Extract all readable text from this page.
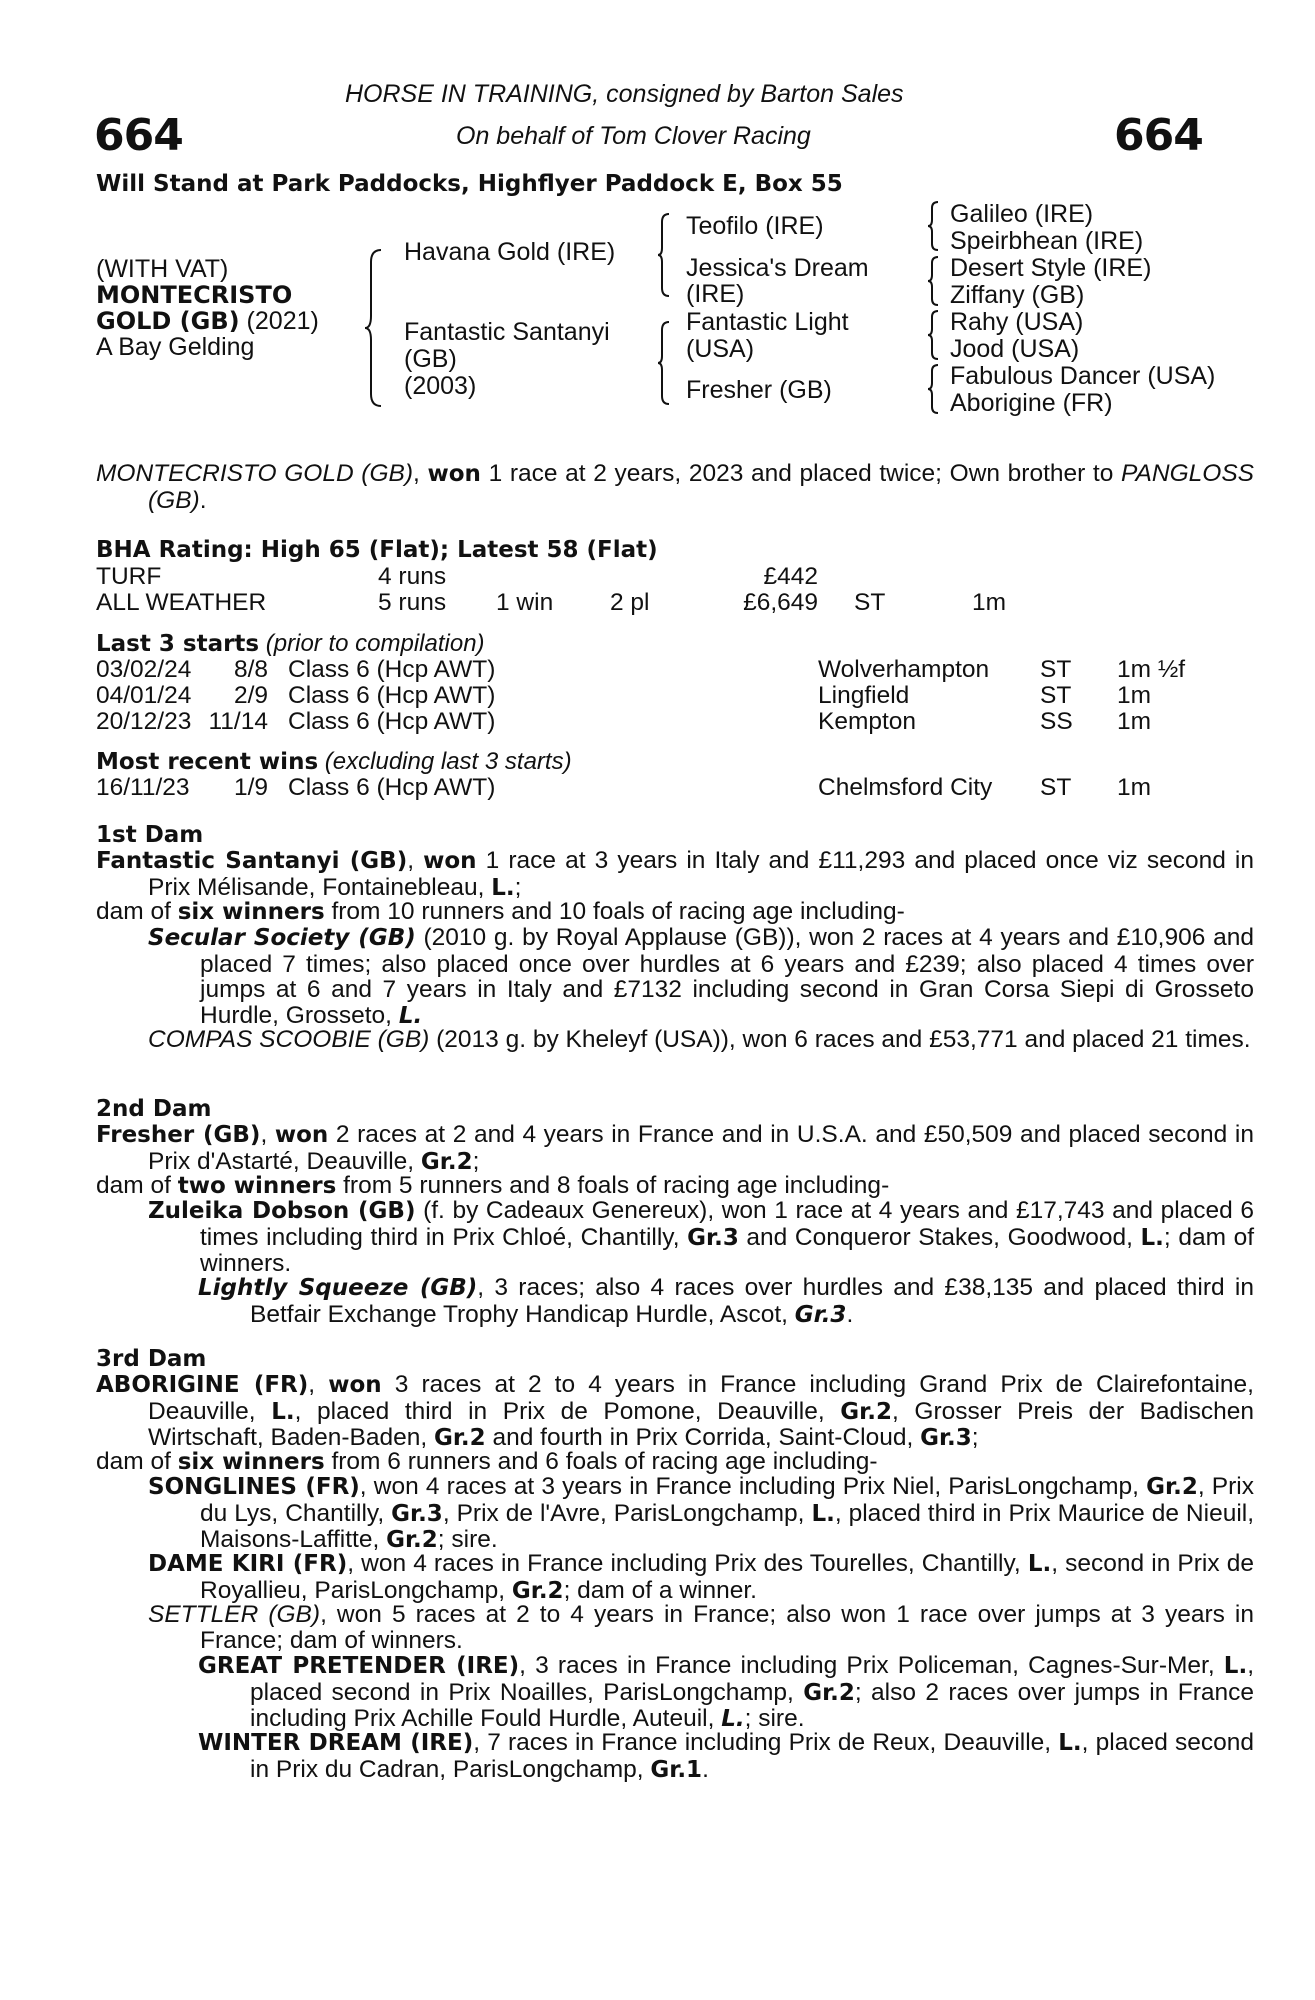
664	664
HORSE IN TRAINING, consigned by Barton Sales
On behalf of Tom Clover Racing
Will Stand at Park Paddocks, Highflyer Paddock E, Box 55
(WITH VAT)
MONTECRISTO
GOLD (GB) (2021)
A Bay Gelding
Havana Gold (IRE)
Fantastic Santanyi
(GB)
(2003)
Teofilo (IRE)
Jessica's Dream
(IRE)
Fantastic Light
(USA)
Fresher (GB)
Galileo (IRE)
Speirbhean (IRE)
Desert Style (IRE)
Ziffany (GB)
Rahy (USA)
Jood (USA)
Fabulous Dancer (USA)
Aborigine (FR)
MONTECRISTO GOLD (GB), won 1 race at 2 years, 2023 and placed twice; Own brother to PANGLOSS (GB).
BHA Rating: High 65 (Flat); Latest 58 (Flat)
TURF	4 runs	£442
ALL WEATHER	5 runs 1 win 2 pl	£6,649 ST	1m
Last 3 starts (prior to compilation)
03/02/24 8/8 Class 6 (Hcp AWT)	Wolverhampton ST 1m ½f
04/01/24 2/9 Class 6 (Hcp AWT)	Lingfield	ST 1m
20/12/23 11/14 Class 6 (Hcp AWT)	Kempton	SS 1m
Most recent wins (excluding last 3 starts)
16/11/23 1/9 Class 6 (Hcp AWT)	Chelmsford City ST 1m
1st Dam
Fantastic Santanyi (GB), won 1 race at 3 years in Italy and £11,293 and placed once viz second in Prix Mélisande, Fontainebleau, L.;
dam of six winners from 10 runners and 10 foals of racing age including-
Secular Society (GB) (2010 g. by Royal Applause (GB)), won 2 races at 4 years and £10,906 and placed 7 times; also placed once over hurdles at 6 years and £239; also placed 4 times over jumps at 6 and 7 years in Italy and £7132 including second in Gran Corsa Siepi di Grosseto Hurdle, Grosseto, L.
COMPAS SCOOBIE (GB) (2013 g. by Kheleyf (USA)), won 6 races and £53,771 and placed 21 times.
2nd Dam
Fresher (GB), won 2 races at 2 and 4 years in France and in U.S.A. and £50,509 and placed second in Prix d'Astarté, Deauville, Gr.2;
dam of two winners from 5 runners and 8 foals of racing age including-
Zuleika Dobson (GB) (f. by Cadeaux Genereux), won 1 race at 4 years and £17,743 and placed 6 times including third in Prix Chloé, Chantilly, Gr.3 and Conqueror Stakes, Goodwood, L.; dam of winners.
Lightly Squeeze (GB), 3 races; also 4 races over hurdles and £38,135 and placed third in Betfair Exchange Trophy Handicap Hurdle, Ascot, Gr.3.
3rd Dam
ABORIGINE (FR), won 3 races at 2 to 4 years in France including Grand Prix de Clairefontaine, Deauville, L., placed third in Prix de Pomone, Deauville, Gr.2, Grosser Preis der Badischen Wirtschaft, Baden-Baden, Gr.2 and fourth in Prix Corrida, Saint-Cloud, Gr.3;
dam of six winners from 6 runners and 6 foals of racing age including-
SONGLINES (FR), won 4 races at 3 years in France including Prix Niel, ParisLongchamp, Gr.2, Prix du Lys, Chantilly, Gr.3, Prix de l'Avre, ParisLongchamp, L., placed third in Prix Maurice de Nieuil, Maisons-Laffitte, Gr.2; sire.
DAME KIRI (FR), won 4 races in France including Prix des Tourelles, Chantilly, L., second in Prix de Royallieu, ParisLongchamp, Gr.2; dam of a winner.
SETTLER (GB), won 5 races at 2 to 4 years in France; also won 1 race over jumps at 3 years in France; dam of winners.
GREAT PRETENDER (IRE), 3 races in France including Prix Policeman, Cagnes-Sur-Mer, L., placed second in Prix Noailles, ParisLongchamp, Gr.2; also 2 races over jumps in France including Prix Achille Fould Hurdle, Auteuil, L.; sire.
WINTER DREAM (IRE), 7 races in France including Prix de Reux, Deauville, L., placed second in Prix du Cadran, ParisLongchamp, Gr.1.
